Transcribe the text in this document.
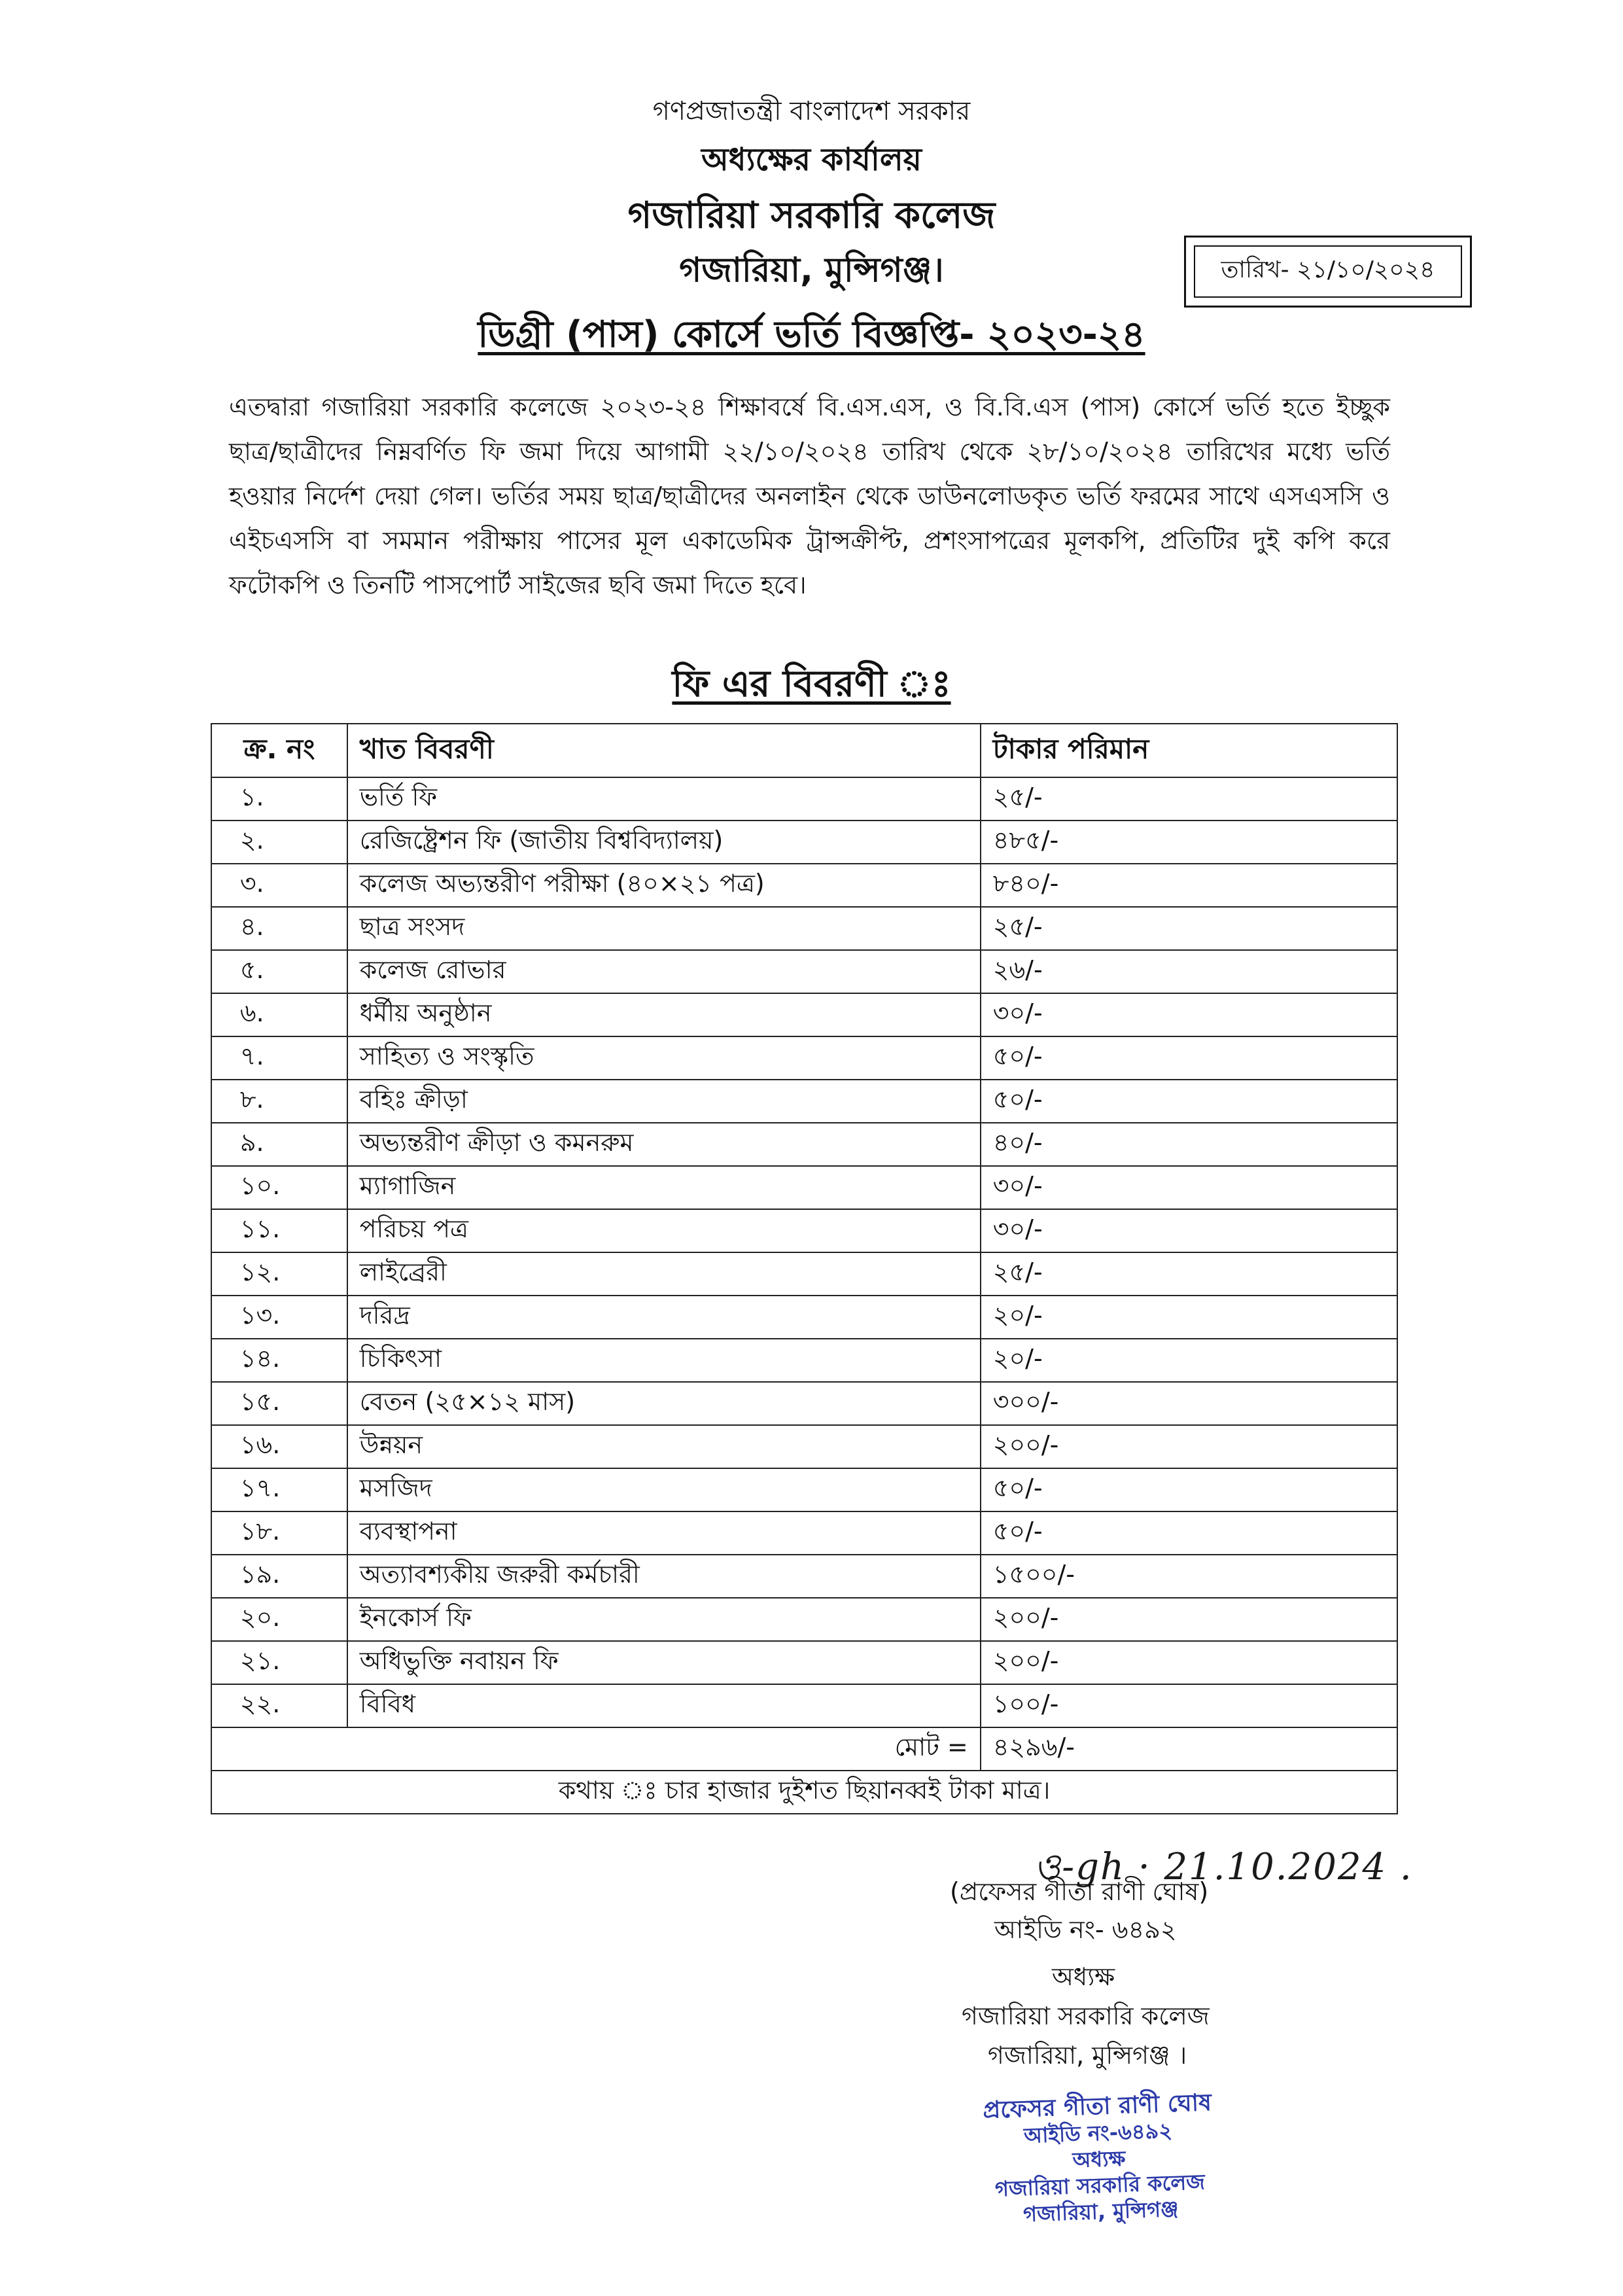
গণপ্রজাতন্ত্রী বাংলাদেশ সরকার
অধ্যক্ষের কার্যালয়
গজারিয়া সরকারি কলেজ
গজারিয়া, মুন্সিগঞ্জ।	তারিখ- ২১/১০/২০২৪
ডিগ্রী (পাস) কোর্সে ভর্তি বিজ্ঞপ্তি- ২০২৩-২৪
এতদ্বারা গজারিয়া সরকারি কলেজে ২০২৩-২৪ শিক্ষাবর্ষে বি.এস.এস, ও বি.বি.এস (পাস) কোর্সে ভর্তি হতে ইচ্ছুক ছাত্র/ছাত্রীদের নিম্নবর্ণিত ফি জমা দিয়ে আগামী ২২/১০/২০২৪ তারিখ থেকে ২৮/১০/২০২৪ তারিখের মধ্যে ভর্তি হওয়ার নির্দেশ দেয়া গেল। ভর্তির সময় ছাত্র/ছাত্রীদের অনলাইন থেকে ডাউনলোডকৃত ভর্তি ফরমের সাথে এসএসসি ও এইচএসসি বা সমমান পরীক্ষায় পাসের মূল একাডেমিক ট্রান্সক্রীপ্ট, প্রশংসাপত্রের মূলকপি, প্রতিটির দুই কপি করে ফটোকপি ও তিনটি পাসপোর্ট সাইজের ছবি জমা দিতে হবে।
ফি এর বিবরণী ঃ
ক্র. নং	খাত বিবরণী	টাকার পরিমান
১.	ভর্তি ফি	২৫/-
২.	রেজিষ্ট্রেশন ফি (জাতীয় বিশ্ববিদ্যালয়)	৪৮৫/-
৩.	কলেজ অভ্যন্তরীণ পরীক্ষা (৪০×২১ পত্র)	৮৪০/-
৪.	ছাত্র সংসদ	২৫/-
৫.	কলেজ রোভার	২৬/-
৬.	ধর্মীয় অনুষ্ঠান	৩০/-
৭.	সাহিত্য ও সংস্কৃতি	৫০/-
৮.	বহিঃ ক্রীড়া	৫০/-
৯.	অভ্যন্তরীণ ক্রীড়া ও কমনরুম	৪০/-
১০.	ম্যাগাজিন	৩০/-
১১.	পরিচয় পত্র	৩০/-
১২.	লাইব্রেরী	২৫/-
১৩.	দরিদ্র	২০/-
১৪.	চিকিৎসা	২০/-
১৫.	বেতন (২৫×১২ মাস)	৩০০/-
১৬.	উন্নয়ন	২০০/-
১৭.	মসজিদ	৫০/-
১৮.	ব্যবস্থাপনা	৫০/-
১৯.	অত্যাবশ্যকীয় জরুরী কর্মচারী	১৫০০/-
২০.	ইনকোর্স ফি	২০০/-
২১.	অধিভুক্তি নবায়ন ফি	২০০/-
২২.	বিবিধ	১০০/-
মোট =		৪২৯৬/-
কথায় ঃ চার হাজার দুইশত ছিয়ানব্বই টাকা মাত্র।		
ও-gh · 21.10.2024 .
(প্রফেসর গীতা রাণী ঘোষ)
আইডি নং- ৬৪৯২
অধ্যক্ষ
গজারিয়া সরকারি কলেজ
গজারিয়া, মুন্সিগঞ্জ ।
প্রফেসর গীতা রাণী ঘোষ
আইডি নং-৬৪৯২
অধ্যক্ষ
গজারিয়া সরকারি কলেজ
গজারিয়া, মুন্সিগঞ্জ
